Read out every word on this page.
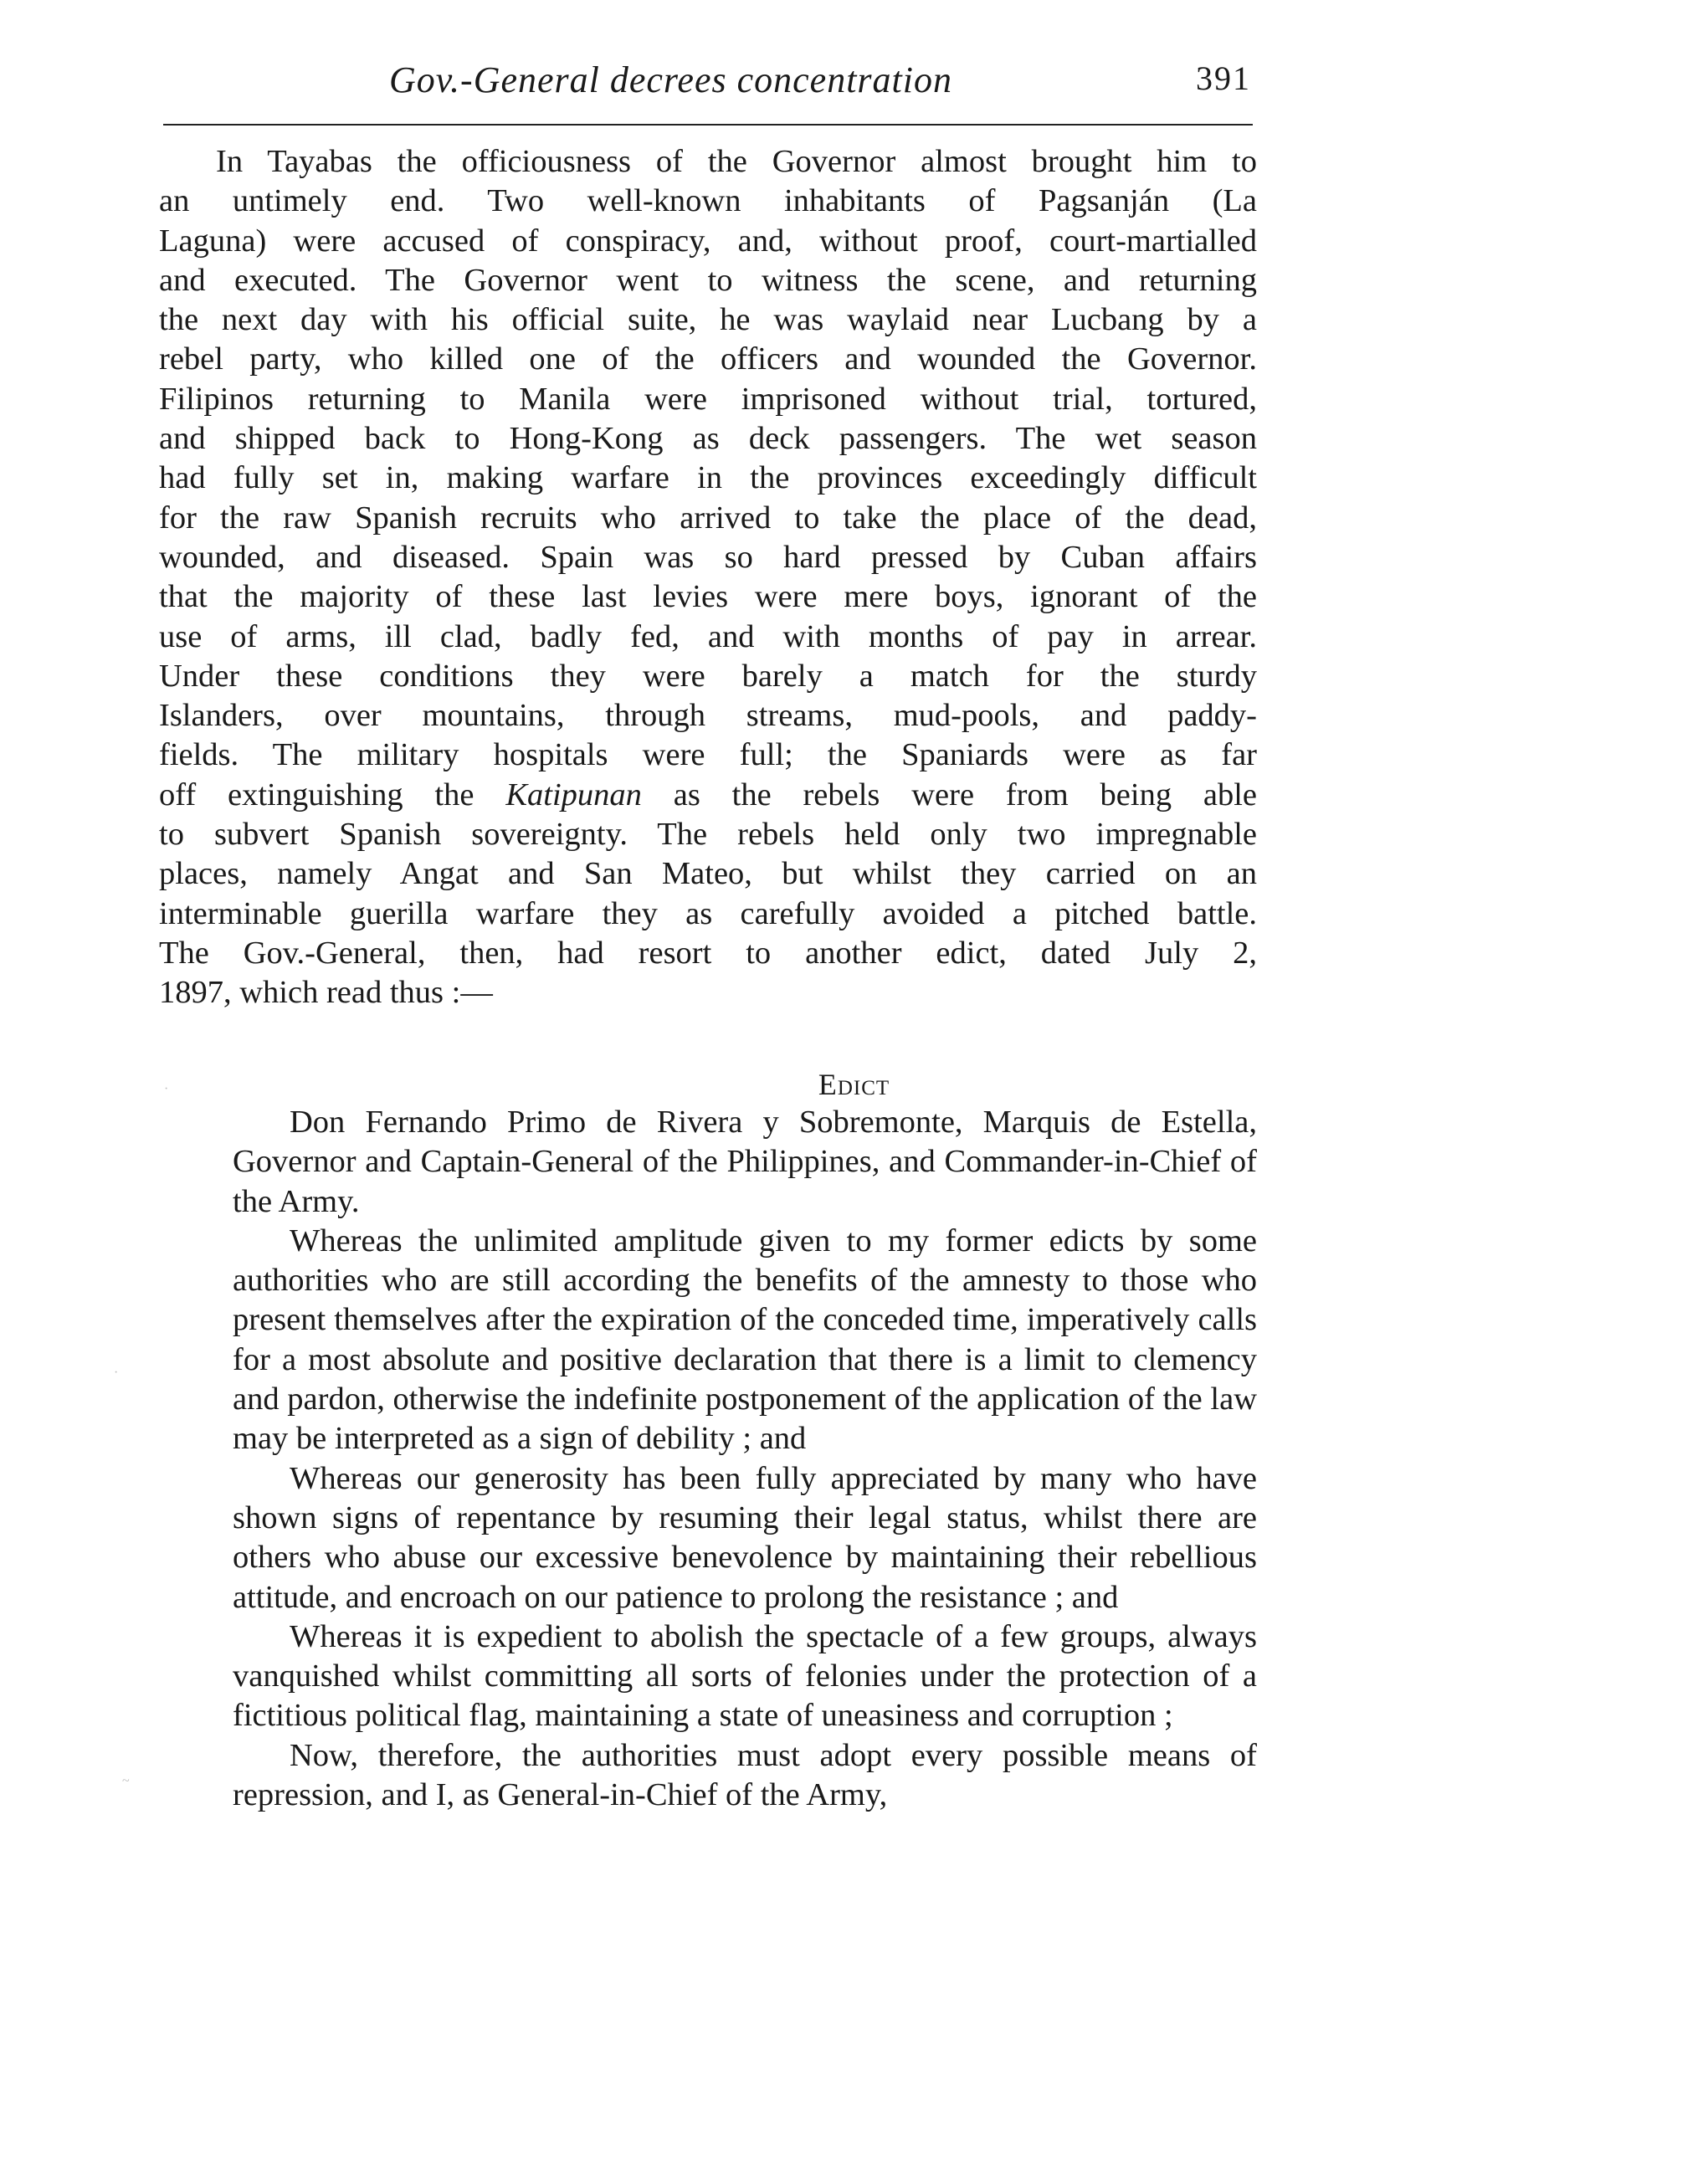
Gov.-General decrees concentration	391
In Tayabas the officiousness of the Governor almost brought him to
an untimely end. Two well-known inhabitants of Pagsanján (La
Laguna) were accused of conspiracy, and, without proof, court-martialled
and executed. The Governor went to witness the scene, and returning
the next day with his official suite, he was waylaid near Lucbang by a
rebel party, who killed one of the officers and wounded the Governor.
Filipinos returning to Manila were imprisoned without trial, tortured,
and shipped back to Hong-Kong as deck passengers. The wet season
had fully set in, making warfare in the provinces exceedingly difficult
for the raw Spanish recruits who arrived to take the place of the dead,
wounded, and diseased. Spain was so hard pressed by Cuban affairs
that the majority of these last levies were mere boys, ignorant of the
use of arms, ill clad, badly fed, and with months of pay in arrear.
Under these conditions they were barely a match for the sturdy
Islanders, over mountains, through streams, mud-pools, and paddy-
fields. The military hospitals were full; the Spaniards were as far
off extinguishing the Katipunan as the rebels were from being able
to subvert Spanish sovereignty. The rebels held only two impregnable
places, namely Angat and San Mateo, but whilst they carried on an
interminable guerilla warfare they as carefully avoided a pitched battle.
The Gov.-General, then, had resort to another edict, dated July 2,
1897, which read thus :—
Edict
Don Fernando Primo de Rivera y Sobremonte, Marquis de Estella, Governor and Captain-General of the Philippines, and Commander-in-Chief of the Army.
Whereas the unlimited amplitude given to my former edicts by some authorities who are still according the benefits of the amnesty to those who present themselves after the expiration of the conceded time, imperatively calls for a most absolute and positive declaration that there is a limit to clemency and pardon, otherwise the indefinite postponement of the application of the law may be interpreted as a sign of debility ; and
Whereas our generosity has been fully appreciated by many who have shown signs of repentance by resuming their legal status, whilst there are others who abuse our excessive benevolence by maintaining their rebellious attitude, and encroach on our patience to prolong the resistance ; and
Whereas it is expedient to abolish the spectacle of a few groups, always vanquished whilst committing all sorts of felonies under the protection of a fictitious political flag, maintaining a state of uneasiness and corruption ;
Now, therefore, the authorities must adopt every possible means of repression, and I, as General-in-Chief of the Army,
·
·
~
